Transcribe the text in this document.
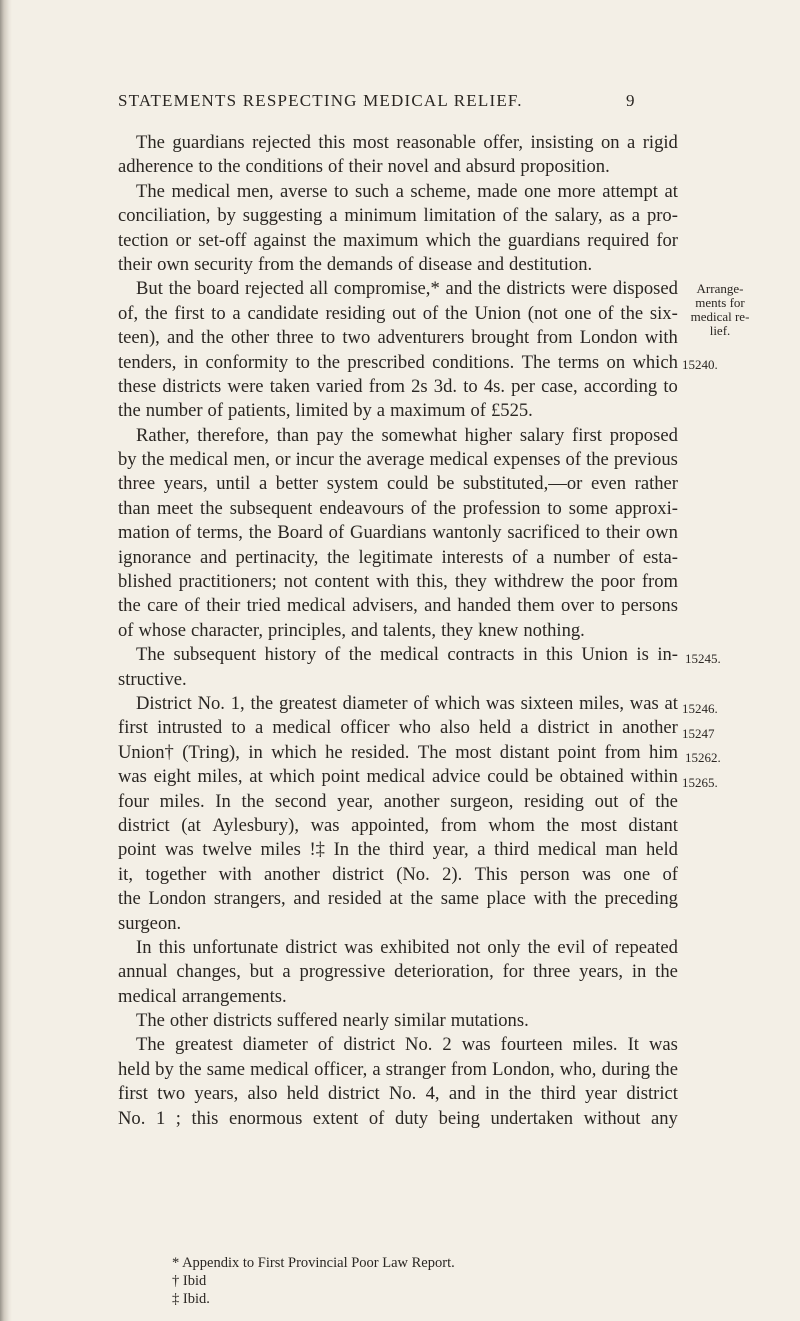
STATEMENTS RESPECTING MEDICAL RELIEF.	9
The guardians rejected this most reasonable offer, insisting on a rigid
adherence to the conditions of their novel and absurd proposition.
The medical men, averse to such a scheme, made one more attempt at
conciliation, by suggesting a minimum limitation of the salary, as a pro-
tection or set-off against the maximum which the guardians required for
their own security from the demands of disease and destitution.
But the board rejected all compromise,* and the districts were disposed
of, the first to a candidate residing out of the Union (not one of the six-
teen), and the other three to two adventurers brought from London with
tenders, in conformity to the prescribed conditions. The terms on which
these districts were taken varied from 2s 3d. to 4s. per case, according to
the number of patients, limited by a maximum of £525.
Rather, therefore, than pay the somewhat higher salary first proposed
by the medical men, or incur the average medical expenses of the previous
three years, until a better system could be substituted,—or even rather
than meet the subsequent endeavours of the profession to some approxi-
mation of terms, the Board of Guardians wantonly sacrificed to their own
ignorance and pertinacity, the legitimate interests of a number of esta-
blished practitioners; not content with this, they withdrew the poor from
the care of their tried medical advisers, and handed them over to persons
of whose character, principles, and talents, they knew nothing.
The subsequent history of the medical contracts in this Union is in-
structive.
District No. 1, the greatest diameter of which was sixteen miles, was at
first intrusted to a medical officer who also held a district in another
Union† (Tring), in which he resided. The most distant point from him
was eight miles, at which point medical advice could be obtained within
four miles. In the second year, another surgeon, residing out of the
district (at Aylesbury), was appointed, from whom the most distant
point was twelve miles !‡ In the third year, a third medical man held
it, together with another district (No. 2). This person was one of
the London strangers, and resided at the same place with the preceding
surgeon.
In this unfortunate district was exhibited not only the evil of repeated
annual changes, but a progressive deterioration, for three years, in the
medical arrangements.
The other districts suffered nearly similar mutations.
The greatest diameter of district No. 2 was fourteen miles. It was
held by the same medical officer, a stranger from London, who, during the
first two years, also held district No. 4, and in the third year district
No. 1 ; this enormous extent of duty being undertaken without any
Arrange-
ments for
medical re-
lief.
15240.
15245.
15246.
15247
15262.
15265.
* Appendix to First Provincial Poor Law Report.
† Ibid
‡ Ibid.
